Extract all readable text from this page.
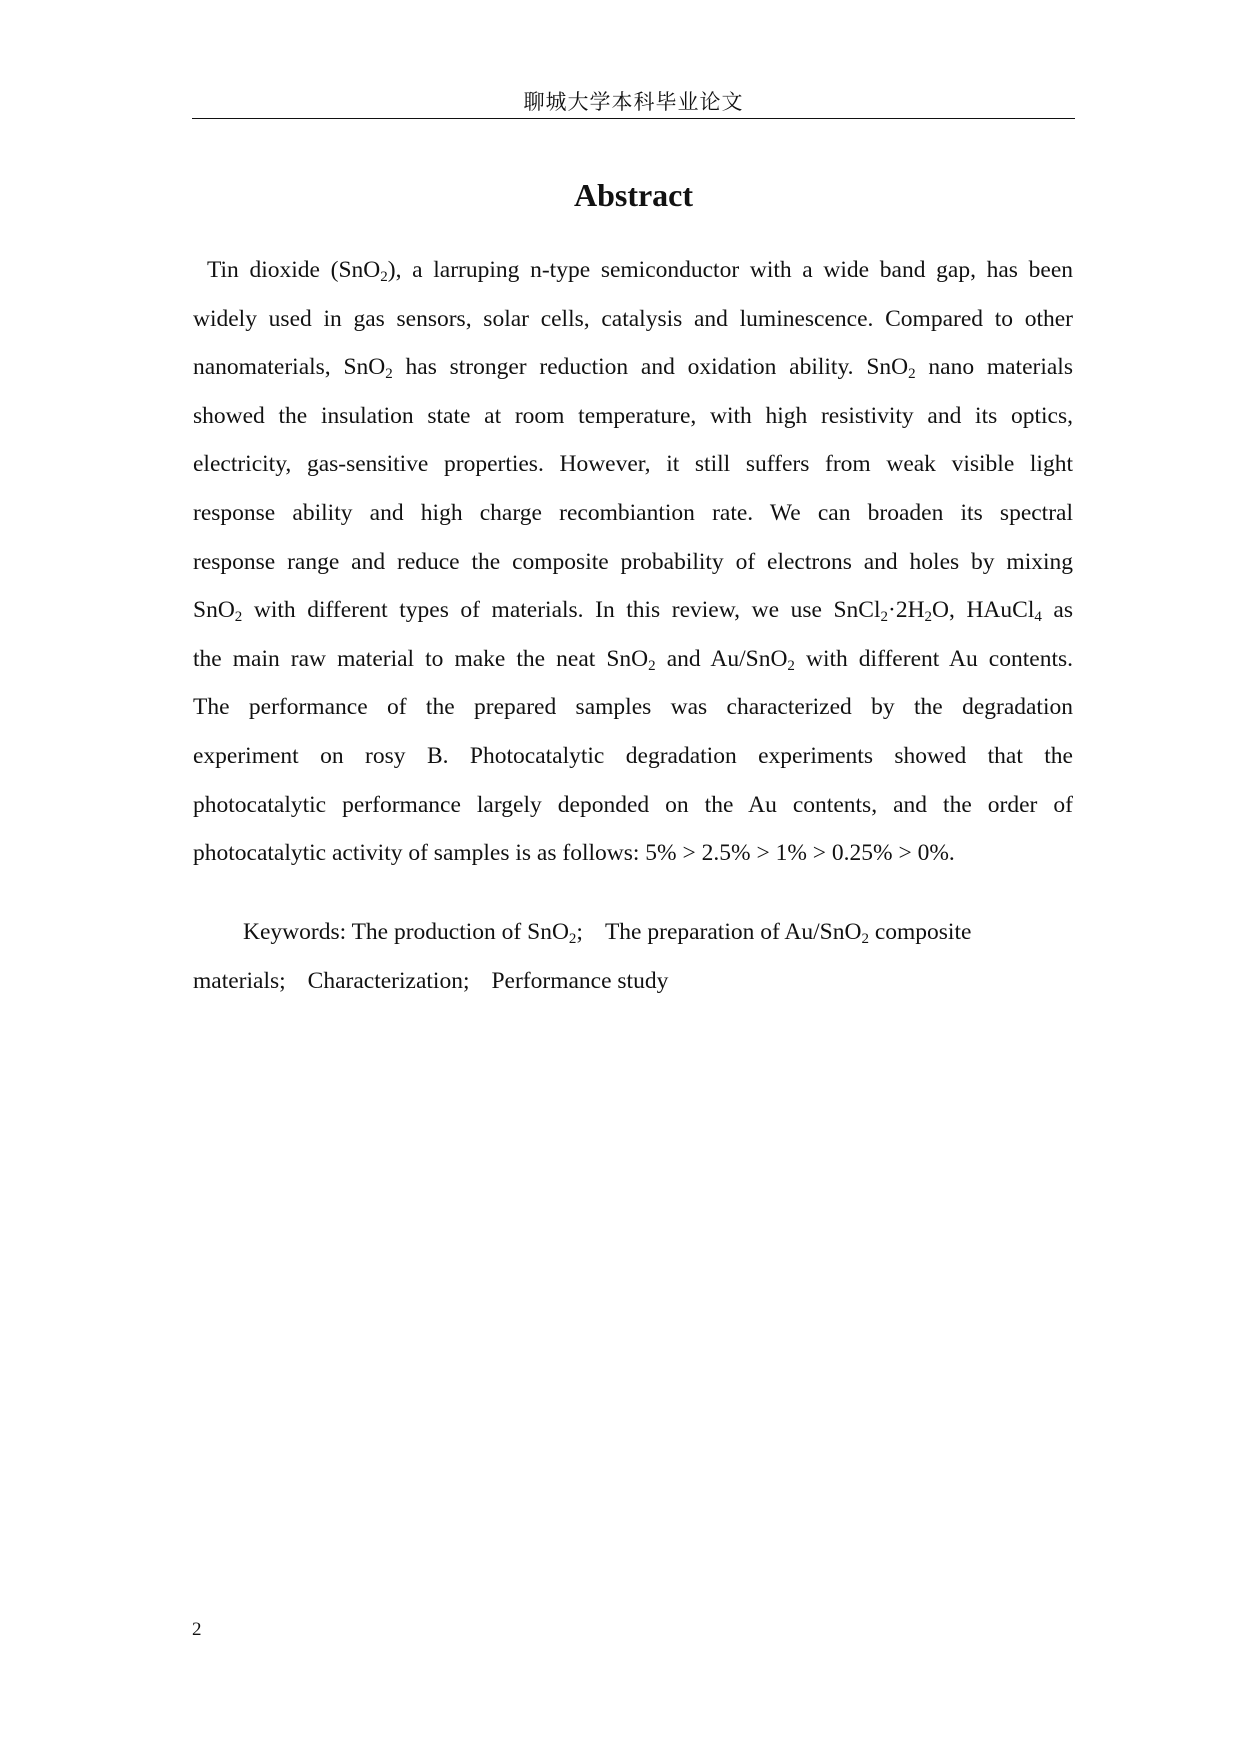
聊城大学本科毕业论文
Abstract
Tin dioxide (SnO$_2$), a larruping n-type semiconductor with a wide band gap, has been
widely used in gas sensors, solar cells, catalysis and luminescence. Compared to other
nanomaterials, SnO$_2$ has stronger reduction and oxidation ability. SnO$_2$ nano materials
showed the insulation state at room temperature, with high resistivity and its optics,
electricity, gas-sensitive properties. However, it still suffers from weak visible light
response ability and high charge recombiantion rate. We can broaden its spectral
response range and reduce the composite probability of electrons and holes by mixing
SnO$_2$ with different types of materials. In this review, we use $SnCl_2\cdot 2H_2O$, HAuCl$_4$ as
the main raw material to make the neat SnO$_2$ and Au/SnO$_2$ with different Au contents.
The performance of the prepared samples was characterized by the degradation
experiment on rosy B. Photocatalytic degradation experiments showed that the
photocatalytic performance largely deponded on the Au contents, and the order of
photocatalytic activity of samples is as follows: 5% > 2.5% > 1% > 0.25% > 0%.
Keywords: The production of SnO$_2$; The preparation of Au/SnO$_2$ composite
materials; Characterization; Performance study
2
